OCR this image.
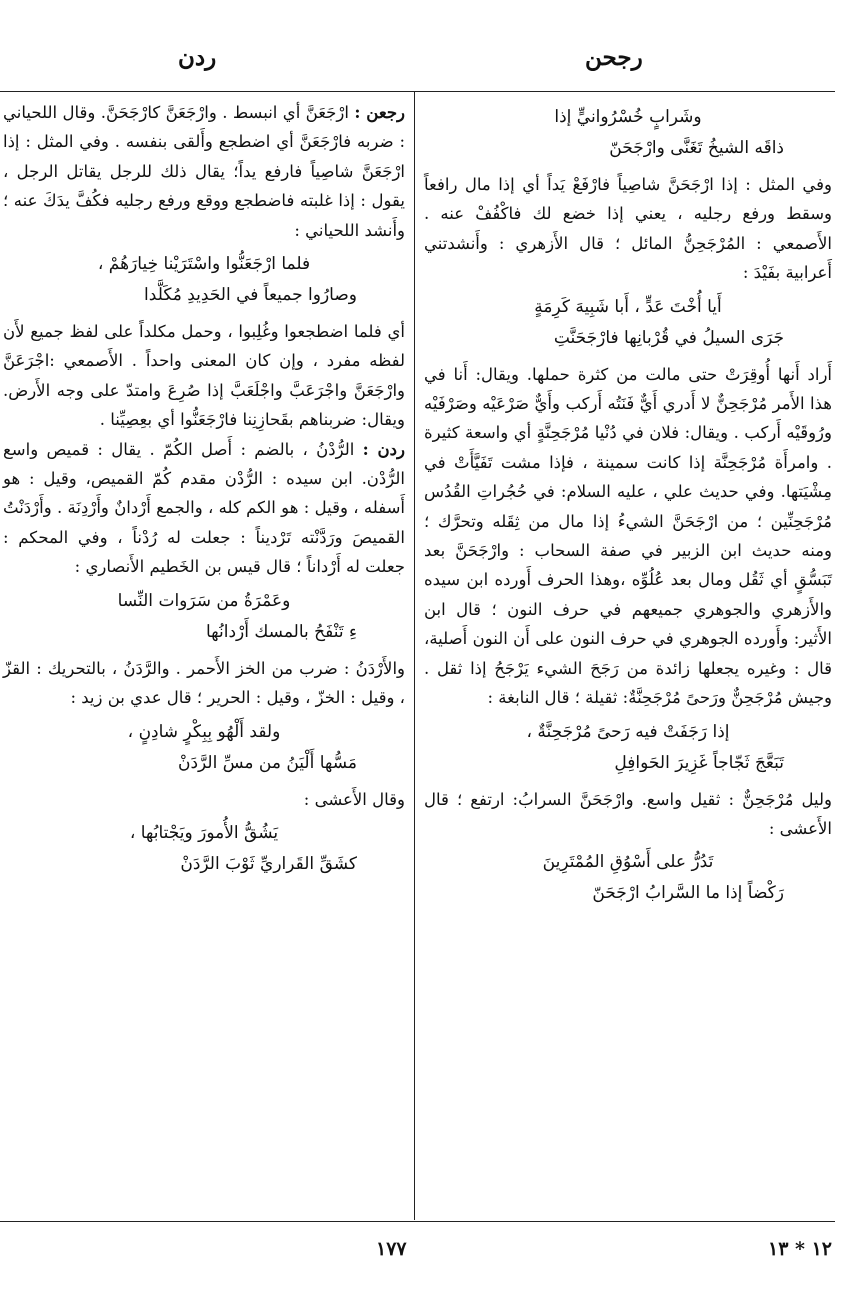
رجحن
ردن
وشَرابٍ خُسْرُوانيٍّ إذا
ذاقَه الشيخُ تَغَنَّى وارْجَحَنّ

وفي المثل : إذا ارْجَحَنَّ شاصِياً فارْفَعْ يَداً أي إذا مال رافعاً وسقط ورفع رجليه ، يعني إذا خضع لك فاكْفُفْ عنه . الأَصمعي : المُرْجَحِنُّ المائل ؛ قال الأَزهري : وأَنشدتني أَعرابية بفَيْدَ :

أَيا أُخْتَ عَدٍّ ، أَبا شَبِيهَ كَرِمَةٍ
جَرَى السيلُ في قُرْبانِها فارْجَحَنَّتِ

أَراد أَنها أُوقِرَتْ حتى مالت من كثرة حملها. ويقال: أَنا في هذا الأَمر مُرْجَحِنٌّ لا أَدري أَيٌّ فَنَتُه أَركب وأَيٌّ صَرْعَيْه وصَرْفَيْه ورُوقَيْه أَركب . ويقال: فلان في دُنْيا مُرْجَحِنَّةٍ أي واسعة كثيرة . وامرأَة مُرْجَحِنَّة إذا كانت سمينة ، فإذا مشت تَفَيَّأَتْ في مِشْيَتها. وفي حديث علي ، عليه السلام: في حُجُراتِ القُدُس مُرْجَحِنِّين ؛ من ارْجَحَنَّ الشيءُ إذا مال من ثِقَله وتحرَّك ؛ ومنه حديث ابن الزبير في صفة السحاب : وارْجَحَنَّ بعد تَبَسُّقٍ أي ثَقُل ومال بعد عُلُوِّه ،وهذا الحرف أَورده ابن سيده والأَزهري والجوهري جميعهم في حرف النون ؛ قال ابن الأَثير: وأَورده الجوهري في حرف النون على أَن النون أَصلية، قال : وغيره يجعلها زائدة من رَجَحَ الشيء يَرْجَحُ إذا ثقل . وجيش مُرْجَحِنٌّ ورَحىً مُرْجَحِنَّةٌ: ثقيلة ؛ قال النابغة :

إذا رَجَفَتْ فيه رَحىً مُرْجَحِنَّةٌ ،
تَبَعَّجَ ثَجّاجاً غَزِيرَ الحَوافِلِ

وليل مُرْجَحِنٌّ : ثقيل واسع. وارْجَحَنَّ السرابُ: ارتفع ؛ قال الأَعشى :

تَدُرُّ على أَسْوُقِ المُمْتَرِينَ
رَكْضاً إذا ما السَّرابُ ارْجَحَنّ

رجعن : ارْجَعَنَّ أي انبسط . وارْجَعَنَّ كارْجَحَنَّ. وقال اللحياني : ضربه فارْجَعَنَّ أي اضطجع وأَلقى بنفسه . وفي المثل : إذا ارْجَعَنَّ شاصِياً فارفع يداً؛ يقال ذلك للرجل يقاتل الرجل ، يقول : إذا غلبته فاضطجع ووقع ورفع رجليه فكُفَّ يدَكَ عنه ؛ وأَنشد اللحياني :

فلما ارْجَعَنُّوا واسْتَرَيْنا خِيارَهُمْ ،
وصارُوا جميعاً في الحَدِيدِ مُكَلَّدا

أي فلما اضطجعوا وغُلِبوا ، وحمل مكلداً على لفظ جميع لأَن لفظه مفرد ، وإن كان المعنى واحداً . الأَصمعي :اجْرَعَنَّ وارْجَعَنَّ واجْرَعَبَّ واجْلَعَبَّ إذا صُرِعَ وامتدّ على وجه الأَرض. ويقال: ضربناهم بقَحازِنِنا فارْجَعَنُّوا أي بعِصِيِّنا .

ردن : الرُّدْنُ ، بالضم : أَصل الكُمّ . يقال : قميص واسع الرُّدْن. ابن سيده : الرُّدْن مقدم كُمّ القميص، وقيل : هو أَسفله ، وقيل : هو الكم كله ، والجمع أَرْدانٌ وأَرْدِنَة . وأَرْدَنْتُ القميصَ ورَدَّنْته تَرْديناً : جعلت له رُدْناً ، وفي المحكم : جعلت له أَرْداناً ؛ قال قيس بن الخَطيم الأَنصاري :

وعَمْرَةُ من سَرَوات النِّسا
ءِ تَنْفَحُ بالمسك أَرْدانُها

والأَرْدَنُ : ضرب من الخز الأَحمر . والرَّدَنُ ، بالتحريك : القزّ ، وقيل : الخزّ ، وقيل : الحرير ؛ قال عدي بن زيد :

ولقد أَلْهُو بِبِكْرٍ شادِنٍ ،
مَسُّها أَلْيَنُ من مسِّ الرَّدَنْ

وقال الأَعشى :

يَشُقُّ الأُمورَ ويَجْتابُها ،
كشَقِّ القَراريِّ ثَوْبَ الرَّدَنْ
١٧٧	١٢ * ١٣
